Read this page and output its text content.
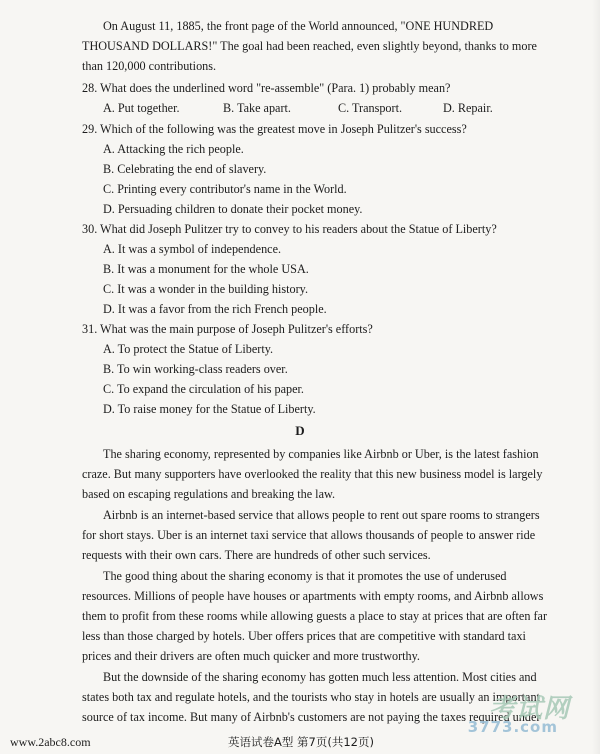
On August 11, 1885, the front page of the World announced, "ONE HUNDRED
THOUSAND DOLLARS!" The goal had been reached, even slightly beyond, thanks to more
than 120,000 contributions.
28. What does the underlined word "re-assemble" (Para. 1) probably mean?
A. Put together.	B. Take apart.	C. Transport.	D. Repair.
29. Which of the following was the greatest move in Joseph Pulitzer's success?
A. Attacking the rich people.
B. Celebrating the end of slavery.
C. Printing every contributor's name in the World.
D. Persuading children to donate their pocket money.
30. What did Joseph Pulitzer try to convey to his readers about the Statue of Liberty?
A. It was a symbol of independence.
B. It was a monument for the whole USA.
C. It was a wonder in the building history.
D. It was a favor from the rich French people.
31. What was the main purpose of Joseph Pulitzer's efforts?
A. To protect the Statue of Liberty.
B. To win working-class readers over.
C. To expand the circulation of his paper.
D. To raise money for the Statue of Liberty.
D
The sharing economy, represented by companies like Airbnb or Uber, is the latest fashion
craze. But many supporters have overlooked the reality that this new business model is largely
based on escaping regulations and breaking the law.
Airbnb is an internet-based service that allows people to rent out spare rooms to strangers
for short stays. Uber is an internet taxi service that allows thousands of people to answer ride
requests with their own cars. There are hundreds of other such services.
The good thing about the sharing economy is that it promotes the use of underused
resources. Millions of people have houses or apartments with empty rooms, and Airbnb allows
them to profit from these rooms while allowing guests a place to stay at prices that are often far
less than those charged by hotels. Uber offers prices that are competitive with standard taxi
prices and their drivers are often much quicker and more trustworthy.
But the downside of the sharing economy has gotten much less attention. Most cities and
states both tax and regulate hotels, and the tourists who stay in hotels are usually an important
source of tax income. But many of Airbnb's customers are not paying the taxes required under
www.2abc8.com	英语试卷A型 第7页(共12页)
考试网
3773.com
